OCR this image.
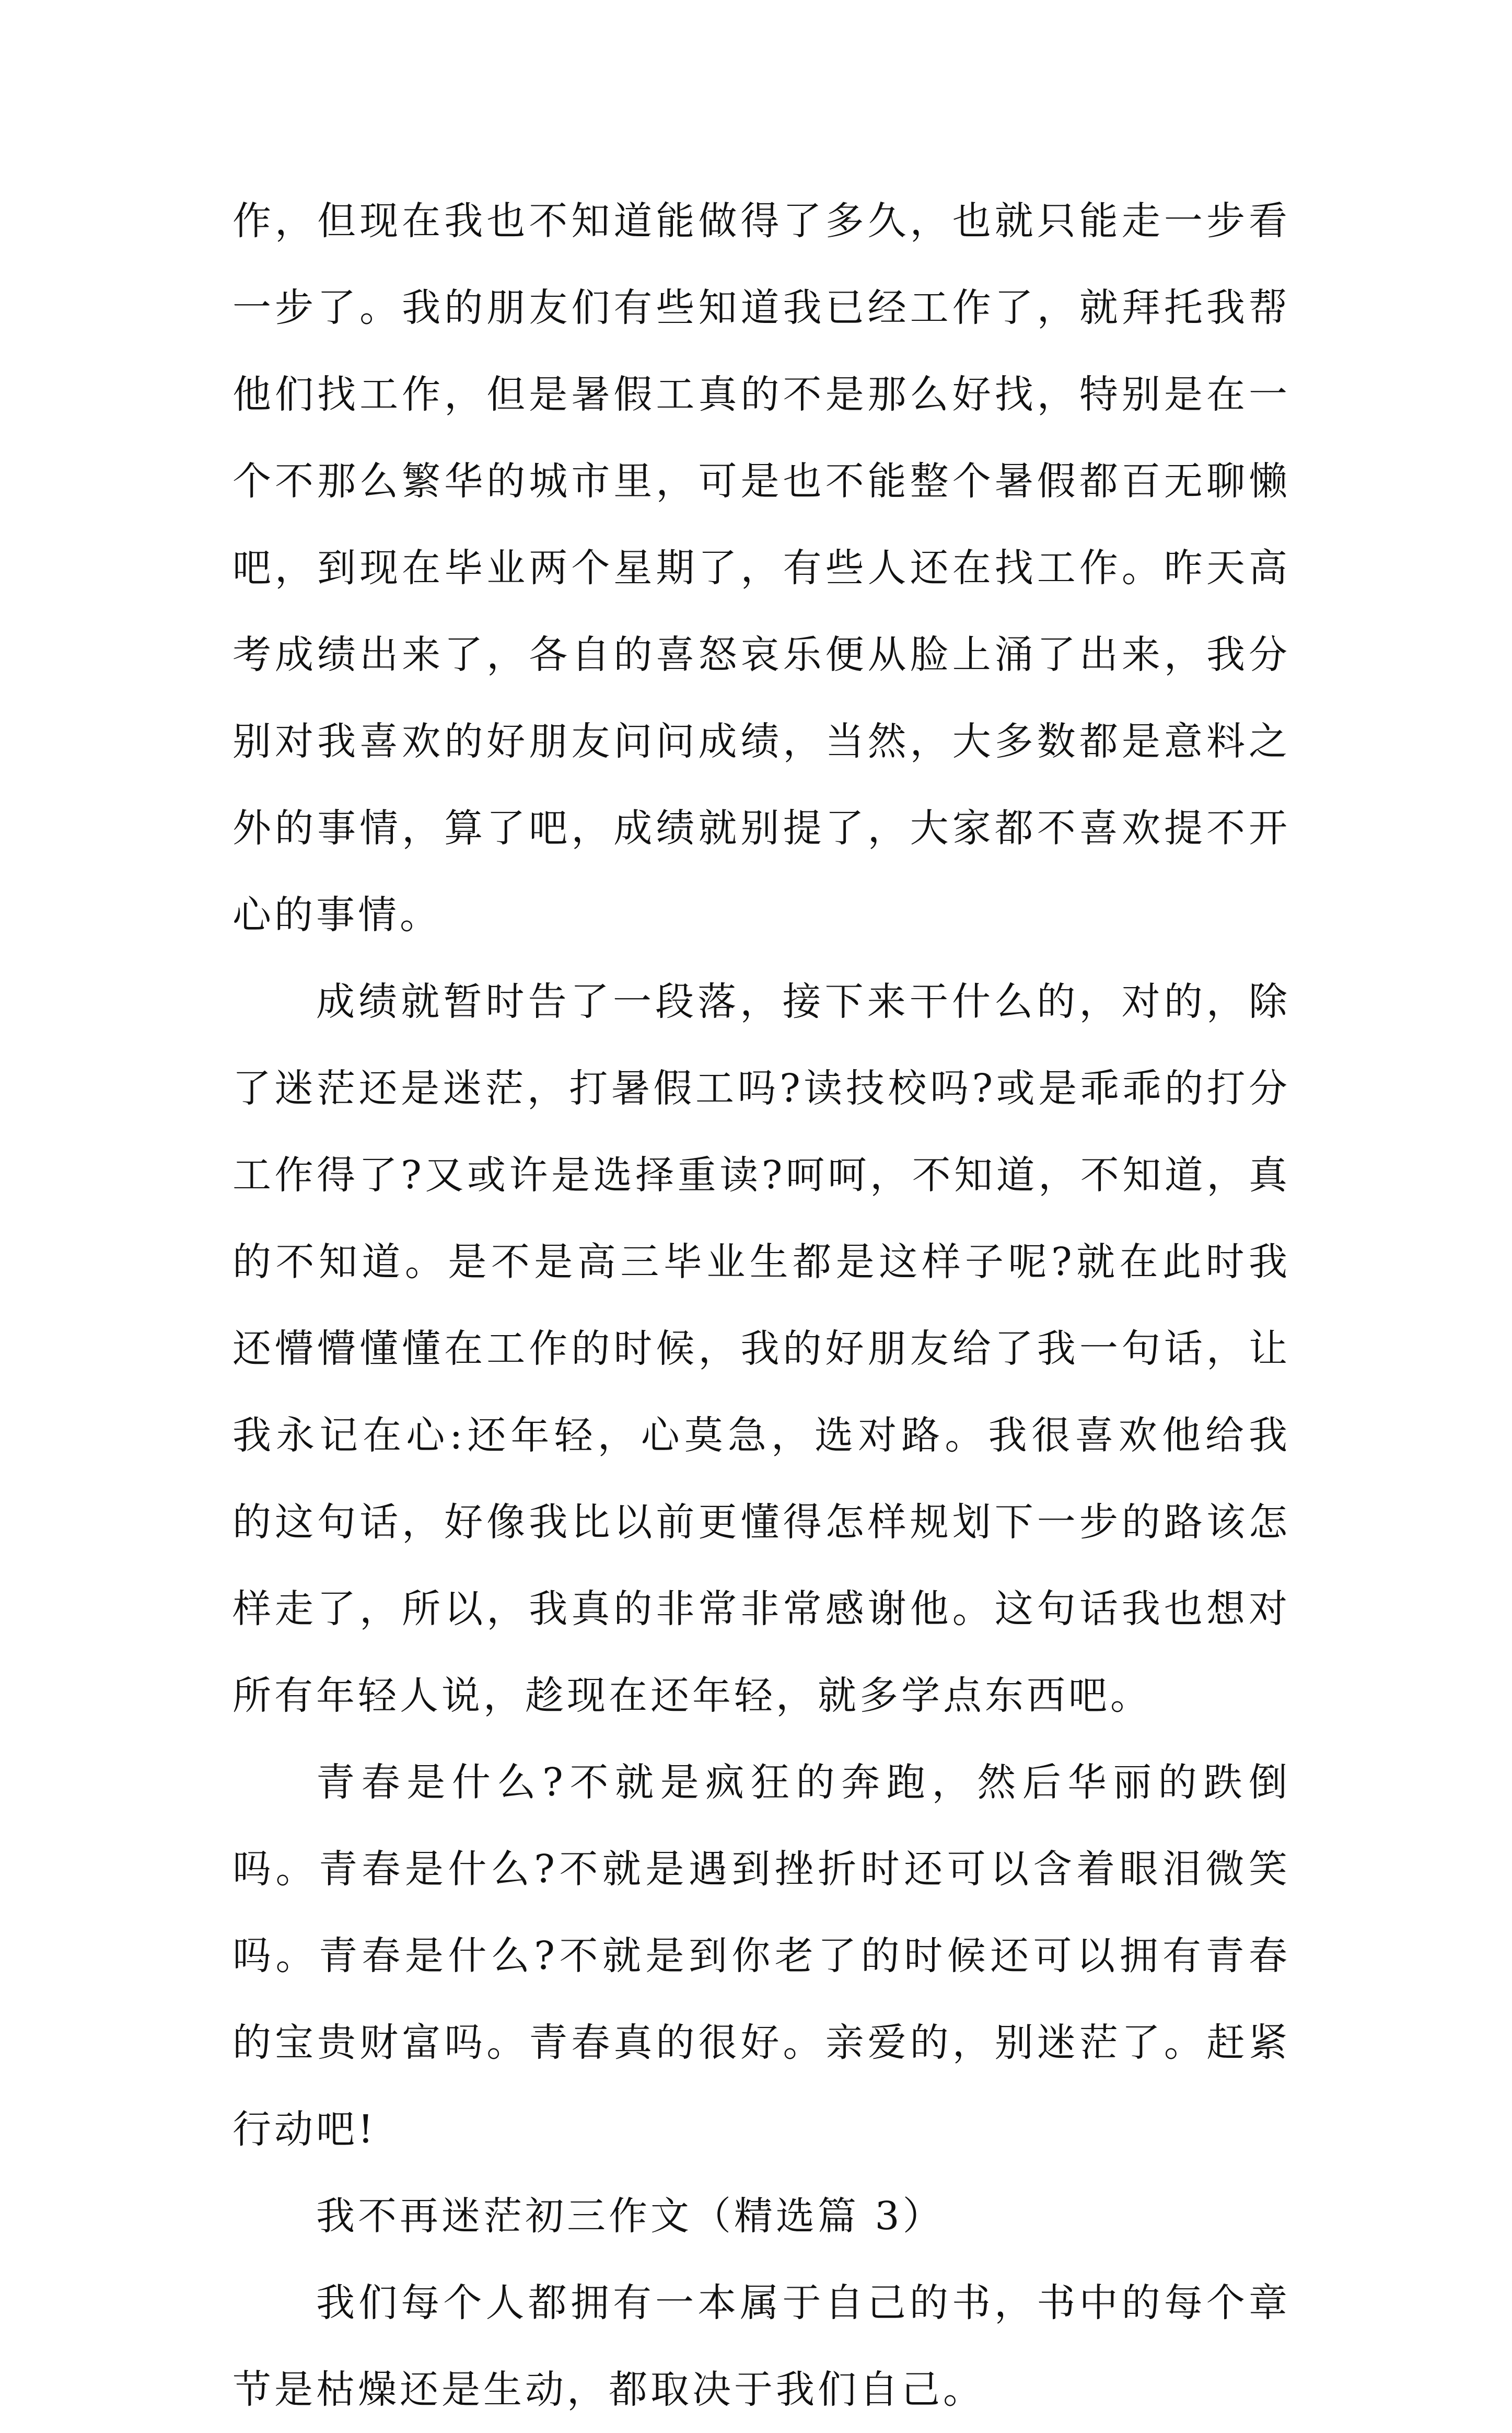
作，但现在我也不知道能做得了多久，也就只能走一步看一步了。我的朋友们有些知道我已经工作了，就拜托我帮他们找工作，但是暑假工真的不是那么好找，特别是在一个不那么繁华的城市里，可是也不能整个暑假都百无聊懒吧，到现在毕业两个星期了，有些人还在找工作。昨天高考成绩出来了，各自的喜怒哀乐便从脸上涌了出来，我分别对我喜欢的好朋友问问成绩，当然，大多数都是意料之外的事情，算了吧，成绩就别提了，大家都不喜欢提不开心的事情。

成绩就暂时告了一段落，接下来干什么的，对的，除了迷茫还是迷茫，打暑假工吗?读技校吗?或是乖乖的打分工作得了?又或许是选择重读?呵呵，不知道，不知道，真的不知道。是不是高三毕业生都是这样子呢?就在此时我还懵懵懂懂在工作的时候，我的好朋友给了我一句话，让我永记在心:还年轻，心莫急，选对路。我很喜欢他给我的这句话，好像我比以前更懂得怎样规划下一步的路该怎样走了，所以，我真的非常非常感谢他。这句话我也想对所有年轻人说，趁现在还年轻，就多学点东西吧。

青春是什么?不就是疯狂的奔跑，然后华丽的跌倒吗。青春是什么?不就是遇到挫折时还可以含着眼泪微笑吗。青春是什么?不就是到你老了的时候还可以拥有青春的宝贵财富吗。青春真的很好。亲爱的，别迷茫了。赶紧行动吧!

我不再迷茫初三作文（精选篇 3）

我们每个人都拥有一本属于自己的书，书中的每个章节是枯燥还是生动，都取决于我们自己。
